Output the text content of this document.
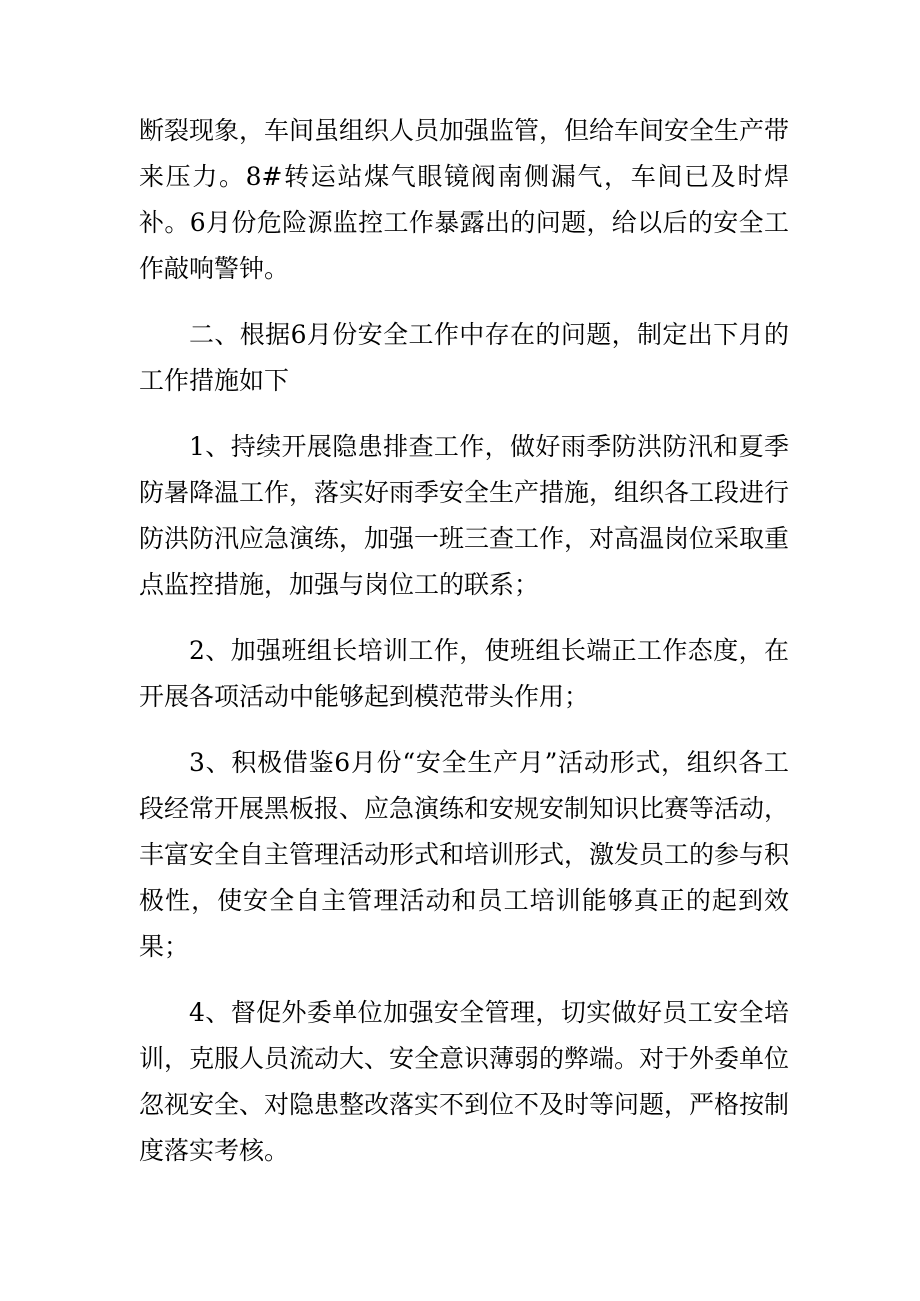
断裂现象，车间虽组织人员加强监管，但给车间安全生产带来压力。8#转运站煤气眼镜阀南侧漏气，车间已及时焊补。6月份危险源监控工作暴露出的问题，给以后的安全工作敲响警钟。

二、根据6月份安全工作中存在的问题，制定出下月的工作措施如下

1、持续开展隐患排查工作，做好雨季防洪防汛和夏季防暑降温工作，落实好雨季安全生产措施，组织各工段进行防洪防汛应急演练，加强一班三查工作，对高温岗位采取重点监控措施，加强与岗位工的联系；

2、加强班组长培训工作，使班组长端正工作态度，在开展各项活动中能够起到模范带头作用；

3、积极借鉴6月份“安全生产月”活动形式，组织各工段经常开展黑板报、应急演练和安规安制知识比赛等活动，丰富安全自主管理活动形式和培训形式，激发员工的参与积极性，使安全自主管理活动和员工培训能够真正的起到效果；

4、督促外委单位加强安全管理，切实做好员工安全培训，克服人员流动大、安全意识薄弱的弊端。对于外委单位忽视安全、对隐患整改落实不到位不及时等问题，严格按制度落实考核。
